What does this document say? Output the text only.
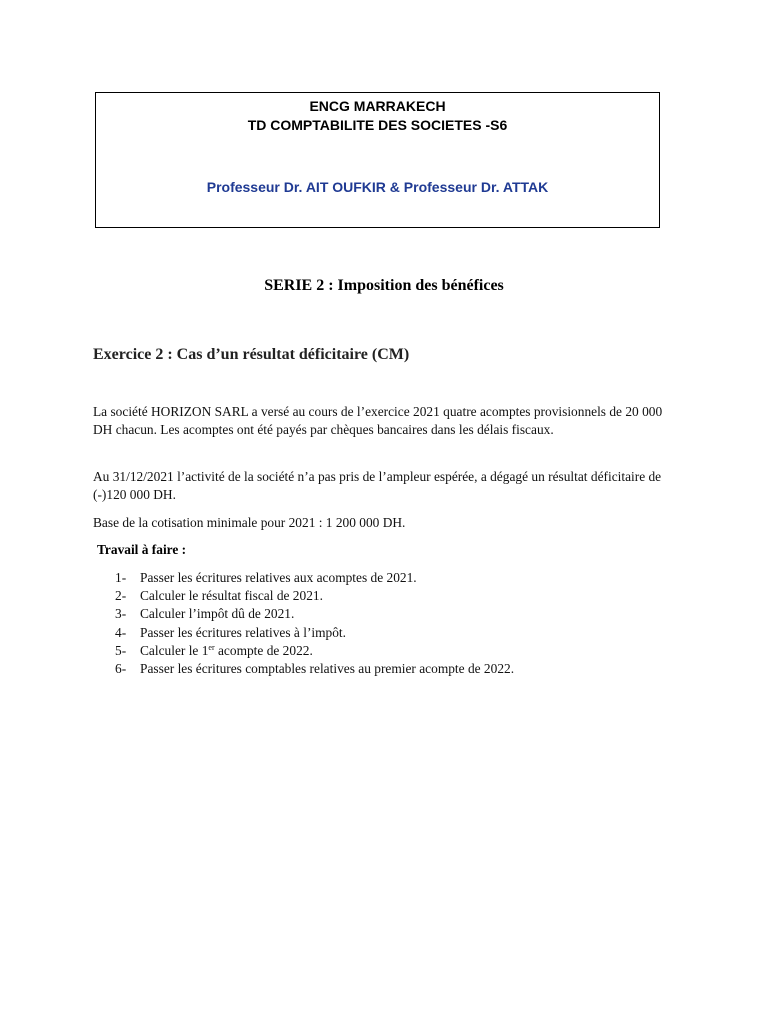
ENCG MARRAKECH
TD COMPTABILITE DES SOCIETES -S6
Professeur Dr. AIT OUFKIR & Professeur Dr. ATTAK
SERIE 2 : Imposition des bénéfices
Exercice 2 : Cas d’un résultat déficitaire (CM)
La société HORIZON SARL a versé au cours de l’exercice 2021 quatre acomptes provisionnels de 20 000 DH chacun. Les acomptes ont été payés par chèques bancaires dans les délais fiscaux.
Au 31/12/2021 l’activité de la société n’a pas pris de l’ampleur espérée, a dégagé un résultat déficitaire de (-)120 000 DH.
Base de la cotisation minimale pour 2021 : 1 200 000 DH.
Travail à faire :
1-	Passer les écritures relatives aux acomptes de 2021.
2-	Calculer le résultat fiscal de 2021.
3-	Calculer l’impôt dû de 2021.
4-	Passer les écritures relatives à l’impôt.
5-	Calculer le 1er acompte de 2022.
6-	Passer les écritures comptables relatives au premier acompte de 2022.
